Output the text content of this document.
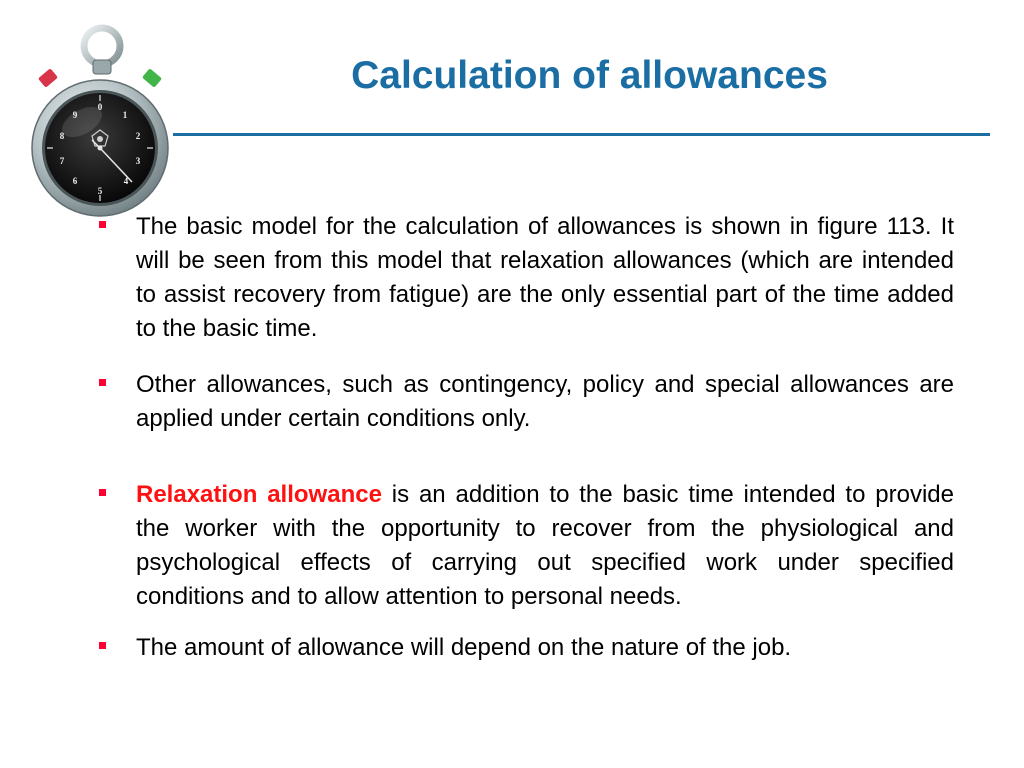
0
1
2
3
4
5
6
7
8
9
Calculation of allowances
The basic model for the calculation of allowances is shown in figure 113. It will be seen from this model that relaxation allowances (which are intended to assist recovery from fatigue) are the only essential part of the time added to the basic time.
Other allowances, such as contingency, policy and special allowances are applied under certain conditions only.
Relaxation allowance is an addition to the basic time intended to provide the worker with the opportunity to recover from the physiological and psychological effects of carrying out specified work under specified conditions and to allow attention to personal needs.
The amount of allowance will depend on the nature of the job.
